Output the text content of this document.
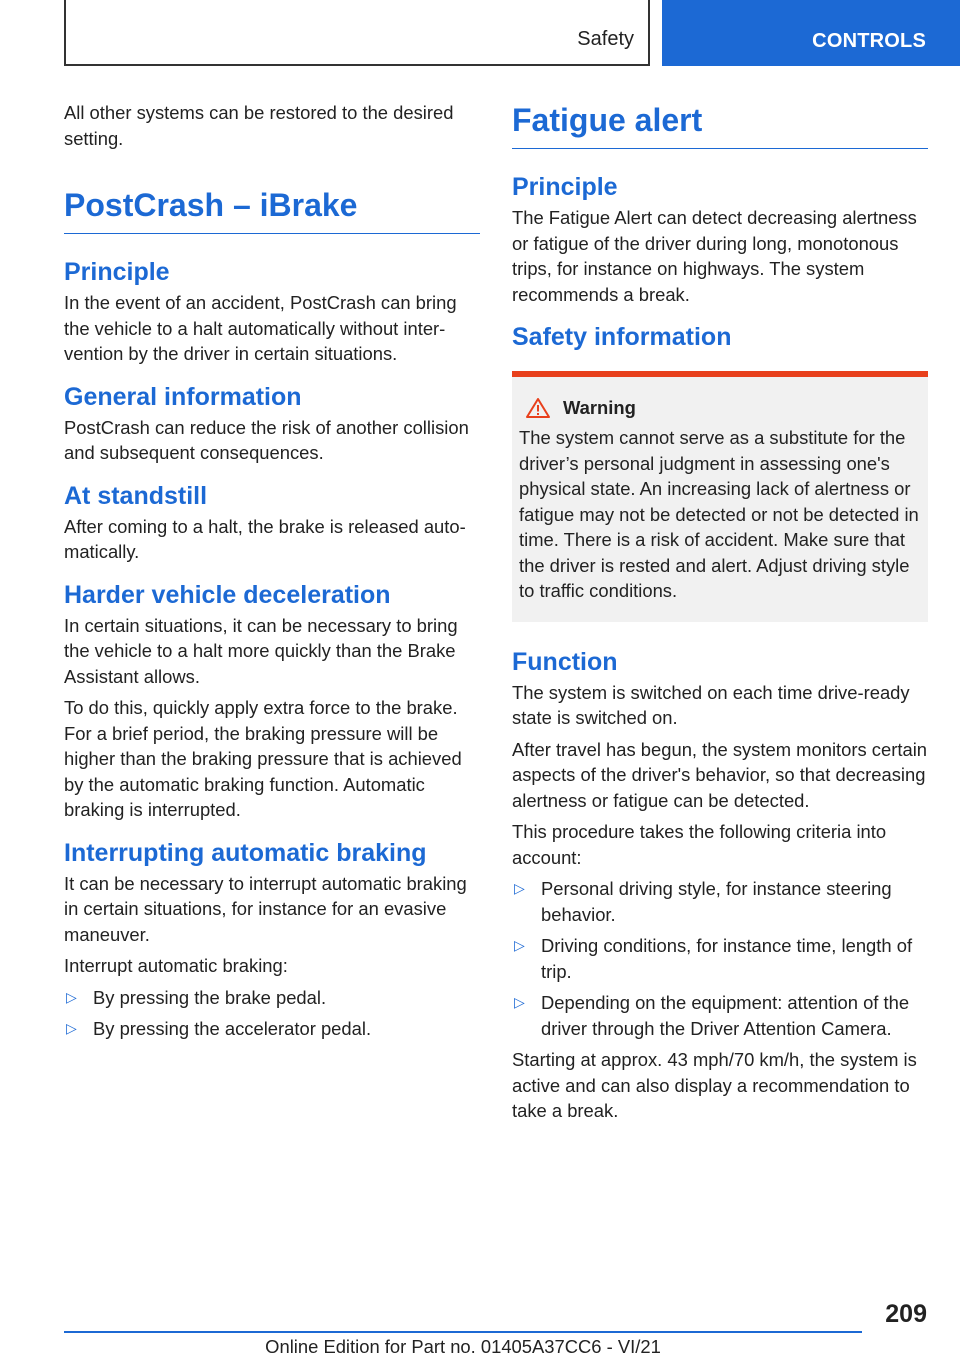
Safety	CONTROLS

All other systems can be restored to the desired setting.

PostCrash – iBrake
Principle

In the event of an accident, PostCrash can bring the vehicle to a halt automatically without intervention by the driver in certain situations.

General information

PostCrash can reduce the risk of another collision and subsequent consequences.

At standstill

After coming to a halt, the brake is released automatically.

Harder vehicle deceleration

In certain situations, it can be necessary to bring the vehicle to a halt more quickly than the Brake Assistant allows.

To do this, quickly apply extra force to the brake. For a brief period, the braking pressure will be higher than the braking pressure that is achieved by the automatic braking function. Automatic braking is interrupted.

Interrupting automatic braking

It can be necessary to interrupt automatic braking in certain situations, for instance for an evasive maneuver.

Interrupt automatic braking:

▷ By pressing the brake pedal.
▷ By pressing the accelerator pedal.
Fatigue alert
Principle

The Fatigue Alert can detect decreasing alertness or fatigue of the driver during long, monotonous trips, for instance on highways. The system recommends a break.

Safety information
Warning

The system cannot serve as a substitute for the driver’s personal judgment in assessing one's physical state. An increasing lack of alertness or fatigue may not be detected or not be detected in time. There is a risk of accident. Make sure that the driver is rested and alert. Adjust driving style to traffic conditions.

Function

The system is switched on each time drive-ready state is switched on.

After travel has begun, the system monitors certain aspects of the driver's behavior, so that decreasing alertness or fatigue can be detected.

This procedure takes the following criteria into account:

▷ Personal driving style, for instance steering behavior.
▷ Driving conditions, for instance time, length of trip.
▷ Depending on the equipment: attention of the driver through the Driver Attention Camera.

Starting at approx. 43 mph/70 km/h, the system is active and can also display a recommendation to take a break.

209
Online Edition for Part no. 01405A37CC6 - VI/21
